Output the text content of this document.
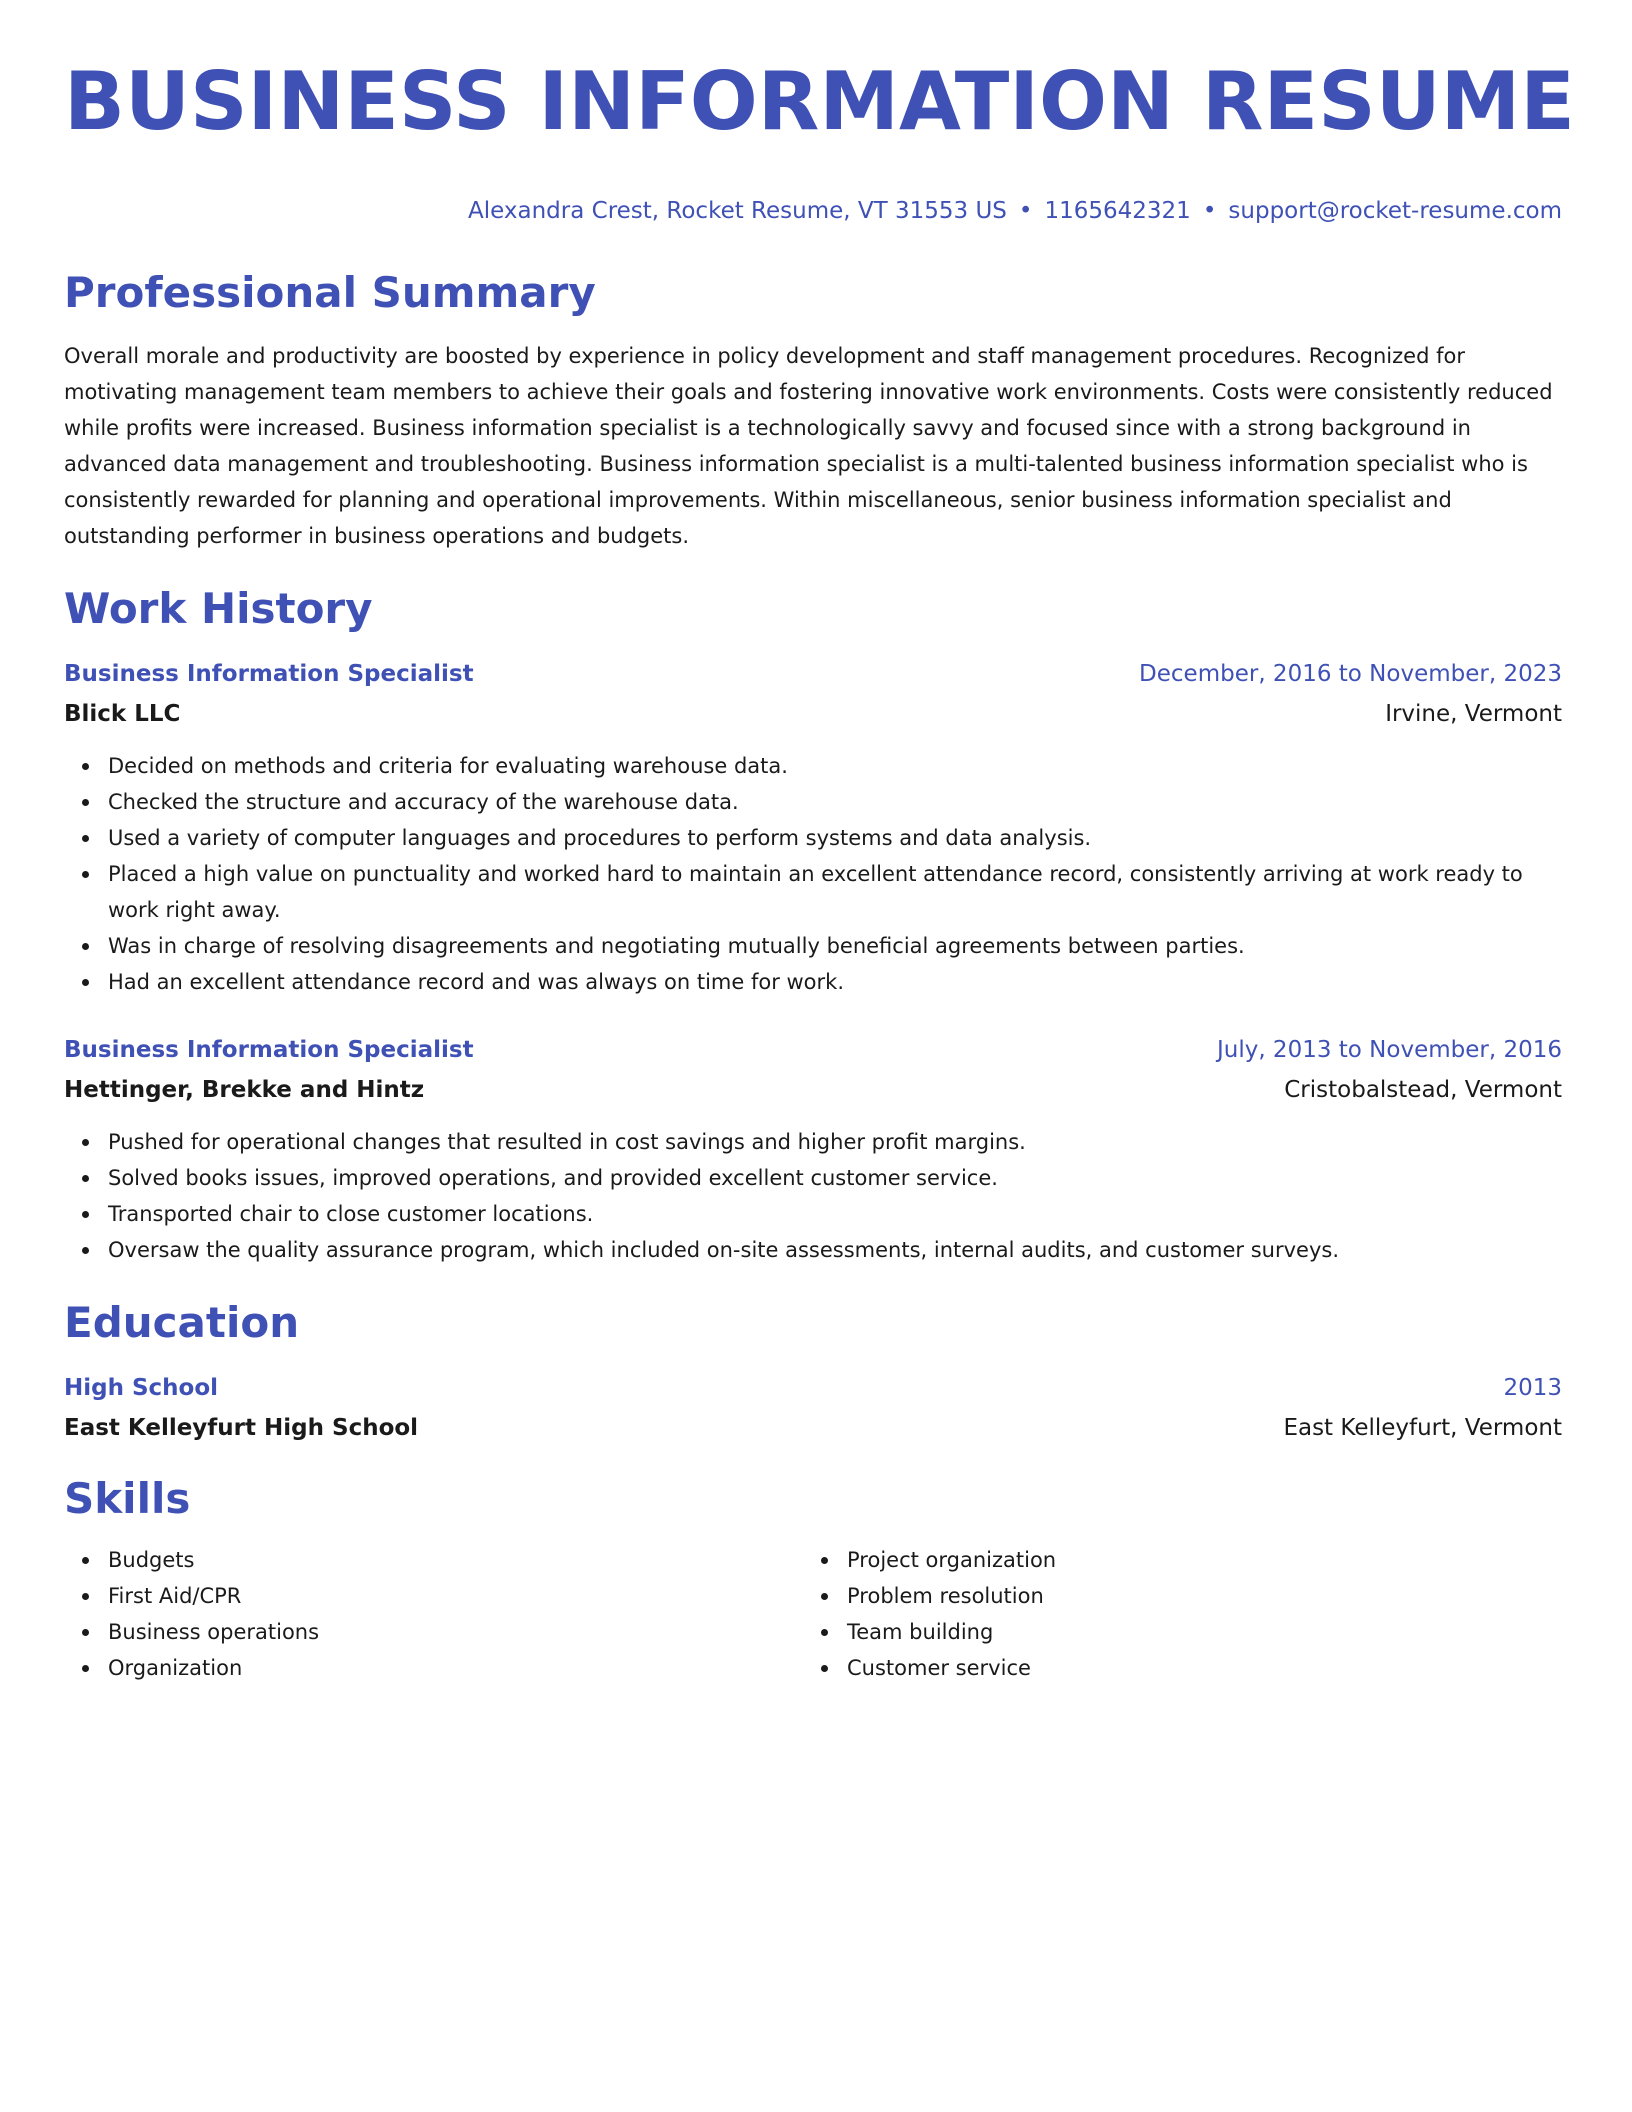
BUSINESS INFORMATION RESUME
Alexandra Crest, Rocket Resume, VT 31553 US • 1165642321 • support@rocket-resume.com
Professional Summary

Overall morale and productivity are boosted by experience in policy development and staff management procedures. Recognized for motivating management team members to achieve their goals and fostering innovative work environments. Costs were consistently reduced while profits were increased. Business information specialist is a technologically savvy and focused since with a strong background in advanced data management and troubleshooting. Business information specialist is a multi-talented business information specialist who is consistently rewarded for planning and operational improvements. Within miscellaneous, senior business information specialist and outstanding performer in business operations and budgets.

Work History
Business Information Specialist	December, 2016 to November, 2023
Blick LLC	Irvine, Vermont
Decided on methods and criteria for evaluating warehouse data.
Checked the structure and accuracy of the warehouse data.
Used a variety of computer languages and procedures to perform systems and data analysis.
Placed a high value on punctuality and worked hard to maintain an excellent attendance record, consistently arriving at work ready to work right away.
Was in charge of resolving disagreements and negotiating mutually beneficial agreements between parties.
Had an excellent attendance record and was always on time for work.
Business Information Specialist	July, 2013 to November, 2016
Hettinger, Brekke and Hintz	Cristobalstead, Vermont
Pushed for operational changes that resulted in cost savings and higher profit margins.
Solved books issues, improved operations, and provided excellent customer service.
Transported chair to close customer locations.
Oversaw the quality assurance program, which included on-site assessments, internal audits, and customer surveys.
Education
High School	2013
East Kelleyfurt High School	East Kelleyfurt, Vermont
Skills
Budgets
First Aid/CPR
Business operations
Organization
Project organization
Problem resolution
Team building
Customer service
